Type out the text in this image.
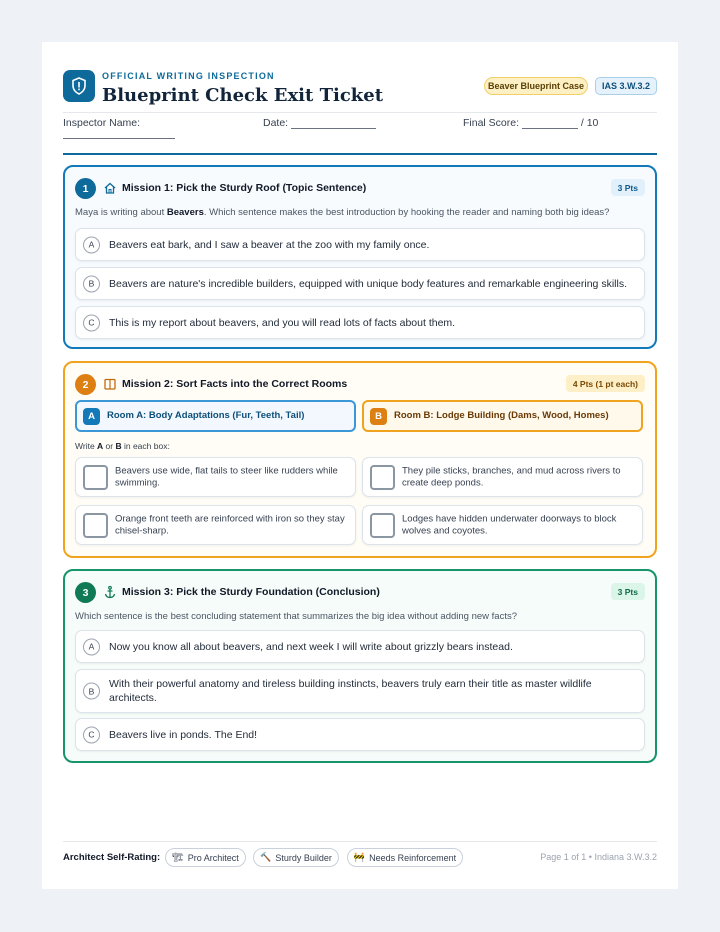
OFFICIAL WRITING INSPECTION
Blueprint Check Exit Ticket	Beaver Blueprint Case	IAS 3.W.3.2
Inspector Name:	Date:	Final Score:	/ 10
1	Mission 1: Pick the Sturdy Roof (Topic Sentence)	3 Pts
Maya is writing about Beavers. Which sentence makes the best introduction by hooking the reader and naming both big ideas?
A	Beavers eat bark, and I saw a beaver at the zoo with my family once.
B	Beavers are nature's incredible builders, equipped with unique body features and remarkable engineering skills.
C	This is my report about beavers, and you will read lots of facts about them.
2	Mission 2: Sort Facts into the Correct Rooms	4 Pts (1 pt each)
A	Room A: Body Adaptations (Fur, Teeth, Tail)	B	Room B: Lodge Building (Dams, Wood, Homes)
Write A or B in each box:
Beavers use wide, flat tails to steer like rudders while swimming.
They pile sticks, branches, and mud across rivers to create deep ponds.
Orange front teeth are reinforced with iron so they stay chisel-sharp.
Lodges have hidden underwater doorways to block wolves and coyotes.
3	Mission 3: Pick the Sturdy Foundation (Conclusion)	3 Pts
Which sentence is the best concluding statement that summarizes the big idea without adding new facts?
A	Now you know all about beavers, and next week I will write about grizzly bears instead.
B
With their powerful anatomy and tireless building instincts, beavers truly earn their title as master wildlife architects.
C	Beavers live in ponds. The End!
Architect Self-Rating: 🏗 Pro Architect 🔨 Sturdy Builder 🚧 Needs Reinforcement	Page 1 of 1 • Indiana 3.W.3.2
